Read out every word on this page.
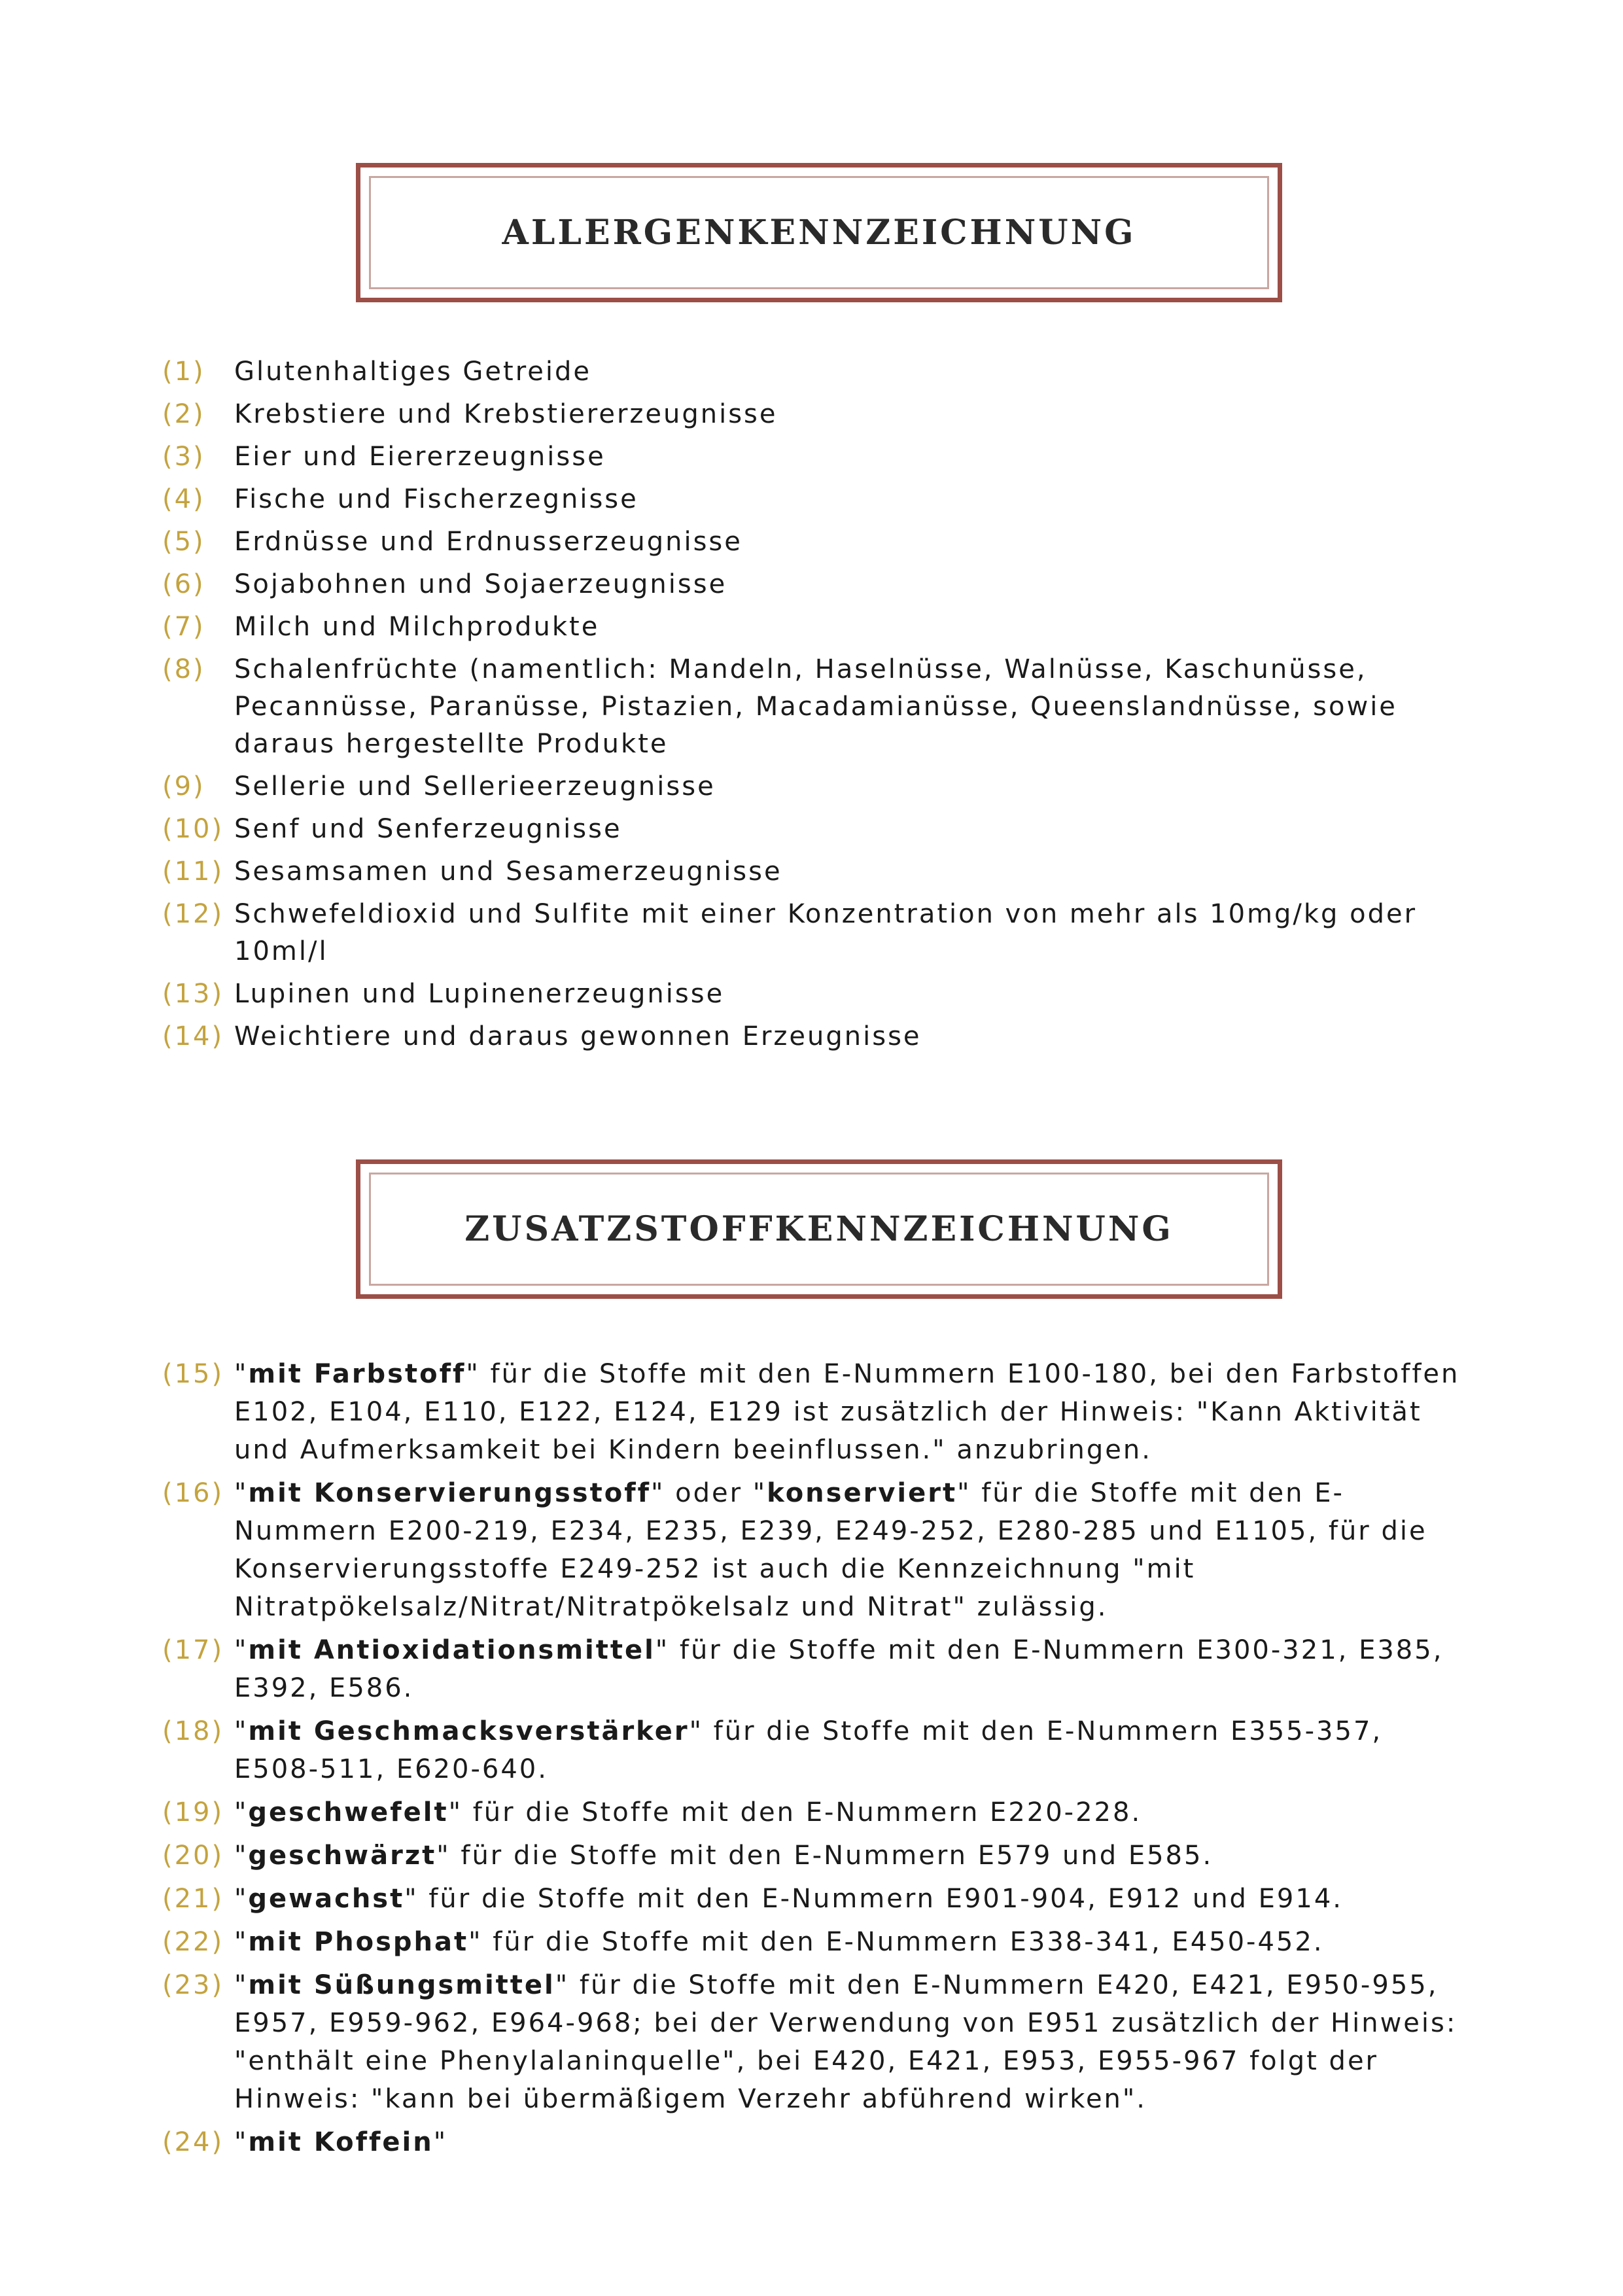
ALLERGENKENNZEICHNUNG
(1) Glutenhaltiges Getreide
(2) Krebstiere und Krebstiererzeugnisse
(3) Eier und Eiererzeugnisse
(4) Fische und Fischerzegnisse
(5) Erdnüsse und Erdnusserzeugnisse
(6) Sojabohnen und Sojaerzeugnisse
(7) Milch und Milchprodukte
(8) Schalenfrüchte (namentlich: Mandeln, Haselnüsse, Walnüsse, Kaschunüsse, Pecannüsse, Paranüsse, Pistazien, Macadamianüsse, Queenslandnüsse, sowie daraus hergestellte Produkte
(9) Sellerie und Sellerieerzeugnisse
(10) Senf und Senferzeugnisse
(11) Sesamsamen und Sesamerzeugnisse
(12) Schwefeldioxid und Sulfite mit einer Konzentration von mehr als 10mg/kg oder 10ml/l
(13) Lupinen und Lupinenerzeugnisse
(14) Weichtiere und daraus gewonnen Erzeugnisse
ZUSATZSTOFFKENNZEICHNUNG
(15) "mit Farbstoff" für die Stoffe mit den E-Nummern E100-180, bei den Farbstoffen E102, E104, E110, E122, E124, E129 ist zusätzlich der Hinweis: "Kann Aktivität und Aufmerksamkeit bei Kindern beeinflussen." anzubringen.
(16) "mit Konservierungsstoff" oder "konserviert" für die Stoffe mit den E-Nummern E200-219, E234, E235, E239, E249-252, E280-285 und E1105, für die Konservierungsstoffe E249-252 ist auch die Kennzeichnung "mit Nitratpökelsalz/Nitrat/Nitratpökelsalz und Nitrat" zulässig.
(17) "mit Antioxidationsmittel" für die Stoffe mit den E-Nummern E300-321, E385, E392, E586.
(18) "mit Geschmacksverstärker" für die Stoffe mit den E-Nummern E355-357, E508-511, E620-640.
(19) "geschwefelt" für die Stoffe mit den E-Nummern E220-228.
(20) "geschwärzt" für die Stoffe mit den E-Nummern E579 und E585.
(21) "gewachst" für die Stoffe mit den E-Nummern E901-904, E912 und E914.
(22) "mit Phosphat" für die Stoffe mit den E-Nummern E338-341, E450-452.
(23) "mit Süßungsmittel" für die Stoffe mit den E-Nummern E420, E421, E950-955, E957, E959-962, E964-968; bei der Verwendung von E951 zusätzlich der Hinweis: "enthält eine Phenylalaninquelle", bei E420, E421, E953, E955-967 folgt der Hinweis: "kann bei übermäßigem Verzehr abführend wirken".
(24) "mit Koffein"
